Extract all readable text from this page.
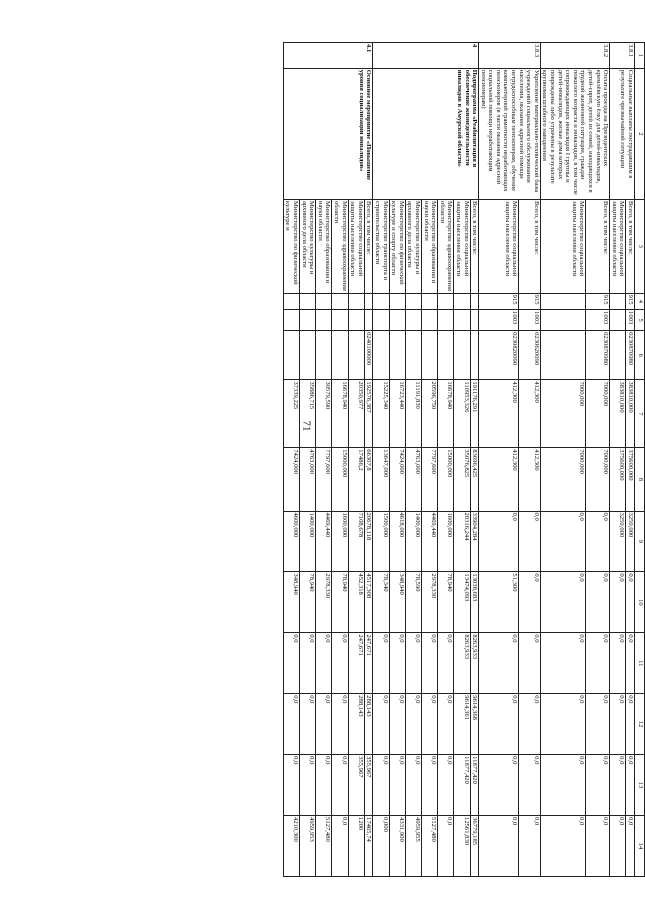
71
1	2	3	4	5	6	7	8	9	10	11	12	13	14
3.8.1	Социальные выплаты пострадавшим в результате чрезвычайной ситуации	Всего, в том числе:	915	1003	0230870980	383810,000	375600,000	3250,000	0,0	0,0	0,0	0,0	0,0
		Министерство социальной защиты населения области				383810,000	375600,000	3250,000	0,0	0,0	0,0	0,0	0,0
3.8.2	Оплата проезда на Президентских кремлёвскую ёлку для детей-инвалидов, детей-сирот, детей из семей, находящихся в трудной жизненной ситуации, граждан пожилого возраста и инвалидов, в том числе сопровождающих инвалидов I группы и детей-инвалидов, жилые дома которых повреждены либо утрачены в результате крупномасштабного наводнения	Всего, в том числе:	915	1003	0230870980	7000,000	7000,000	0,0	0,0	0,0	0,0	0,0	0,0
		Министерство социальной защиты населения области				7000,000	7000,000	0,0	0,0	0,0	0,0	0,0	0,0
3.8.3	Укрепление материально-технической базы учреждений социального обслуживания населения, оказание адресной помощи нетрудоспособным пенсионерам, обучение компьютерной грамотности неработающих пенсионеров (в части оказания адресной социальной помощи неработающим пенсионерам)	Всего, в том числе:	915	1003	0230620090	412,300	412,300	0,0	0,0	0,0	0,0	0,0	0,0
		Министерство социальной защиты населения области	915	1003	0230820090	412,300	412,300	0,0	51,300	0,0	0,0	0,0	0,0
4	Подпрограмма «Реабилитация и обеспечение жизнедеятельности инвалидов в Амурской области»	Всего, в том числе:				191176,291	83696,425	33904,284	13038,683	8263,933	9614,368	11877,420	36779,185
		Министерство социальной защиты населения области				110953,326	35076,825	20316,244	13474,093	8263,933	9614,361	11877,420	12561,830
		Министерство здравоохранения области				16678,940	15000,000	1600,000	78,940	0,0	0,0	0,0	0,0
		Министерство образования и науки области				20596,750	7797,600	4469,440	2978,330	0,0	0,0	0,0	5127,480
		Министерство культуры и архивного дела области				11191,830	4763,000	1400,000	78,590	0,0	0,0	0,0	4959,955
		Министерство по физической культуре и спорту области				16723,440	7424,000	4618,000	348,940	0,0	0,0	0,0	4331,900
		Министерство транспорта и строительства области				15225,340	13647,000	1500,000	78,340	0,0	0,0	0,0	0,000
4.1	Основное мероприятие «Повышение уровня социализации инвалидов»	Всего, в том числе:			0240100000	192576,387	66307,8	20678,118	4517,308	247,671	288,143	355,967	17465,74
		Министерство социальной защиты населения области				20350,977	17486,2	7108,678	452,318	247,671	288,143	355,967	1200
		Министерство здравоохранения области				16678,940	15000,000	1600,000	78,940	0,0	0,0	0,0	0,0
		Министерство образования и науки области				30579,590	7797,600	4469,440	2978,330	0,0	0,0	0,0	5127,480
		Министерство культуры и архивного дела области				35886,715	4763,000	1400,000	78,940	0,0	0,0	0,0	4959,953
		Министерство по физической культуре и				37339,225	7424,000	4600,000	348,940	0,0	0,0	0,0	4210,300
